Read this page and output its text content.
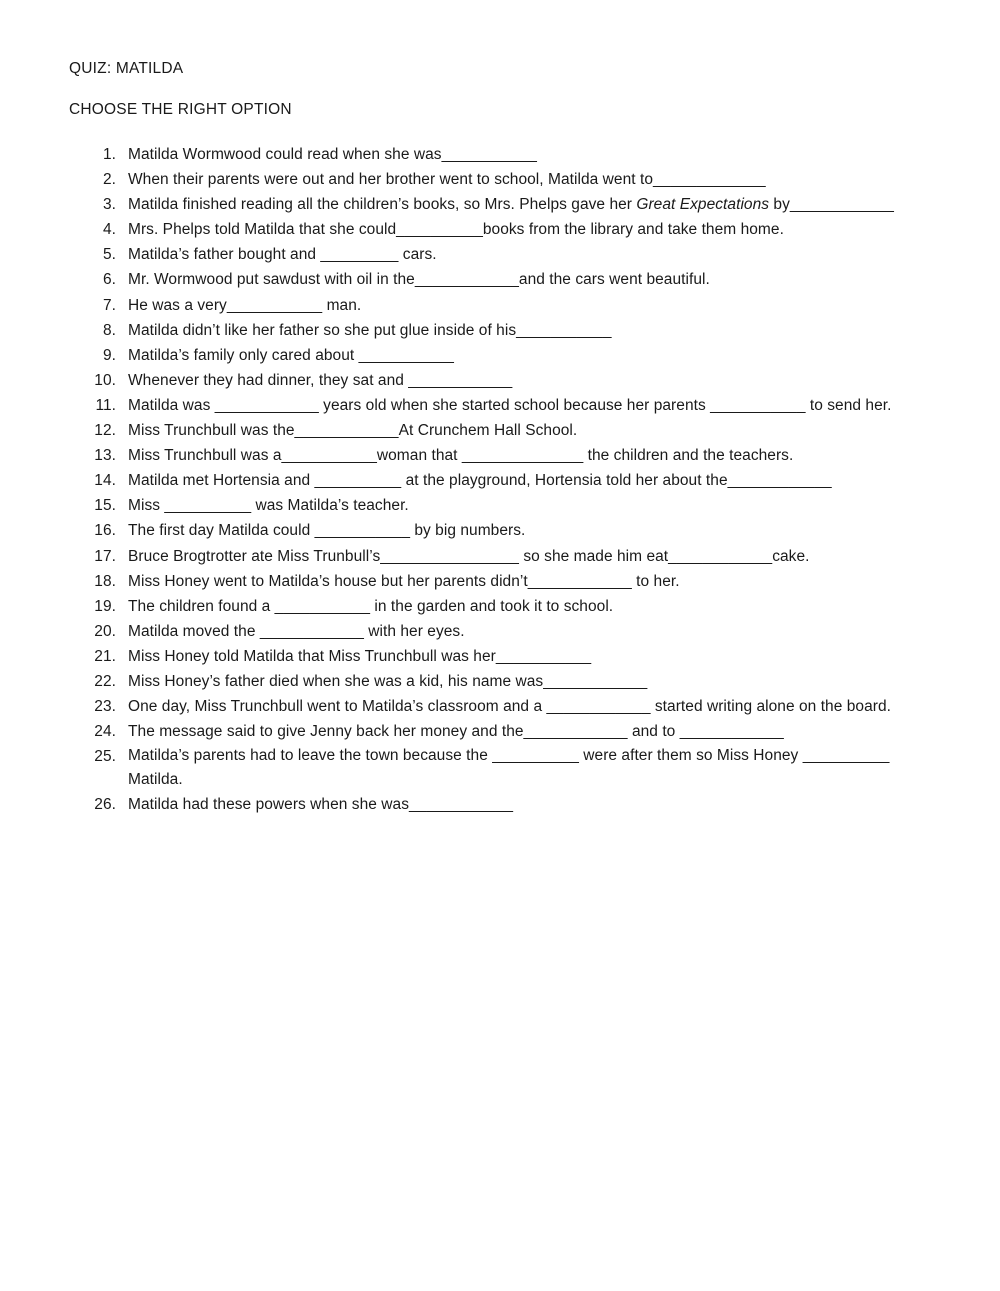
QUIZ: MATILDA
CHOOSE THE RIGHT OPTION
1. Matilda Wormwood could read when she was___________
2. When their parents were out and her brother went to school, Matilda went to_____________
3. Matilda finished reading all the children’s books, so Mrs. Phelps gave her Great Expectations by____________
4. Mrs. Phelps told Matilda that she could__________books from the library and take them home.
5. Matilda’s father bought and _________ cars.
6. Mr. Wormwood put sawdust with oil in the____________and the cars went beautiful.
7. He was a very___________ man.
8. Matilda didn’t like her father so she put glue inside of his___________
9. Matilda’s family only cared about ___________
10. Whenever they had dinner, they sat and ____________
11. Matilda was ____________ years old when she started school because her parents ___________ to send her.
12. Miss Trunchbull was the____________At Crunchem Hall School.
13. Miss Trunchbull was a___________woman that ______________ the children and the teachers.
14. Matilda met Hortensia and __________ at the playground, Hortensia told her about the____________
15. Miss __________ was Matilda’s teacher.
16. The first day Matilda could ___________ by big numbers.
17. Bruce Brogtrotter ate Miss Trunbull’s________________ so she made him eat____________cake.
18. Miss Honey went to Matilda’s house but her parents didn’t____________ to her.
19. The children found a ___________ in the garden and took it to school.
20. Matilda moved the ____________ with her eyes.
21. Miss Honey told Matilda that Miss Trunchbull was her___________
22. Miss Honey’s father died when she was a kid, his name was____________
23. One day, Miss Trunchbull went to Matilda’s classroom and a ____________ started writing alone on the board.
24. The message said to give Jenny back her money and the____________ and to ____________
25. Matilda’s parents had to leave the town because the __________ were after them so Miss Honey __________ Matilda.
26. Matilda had these powers when she was____________
